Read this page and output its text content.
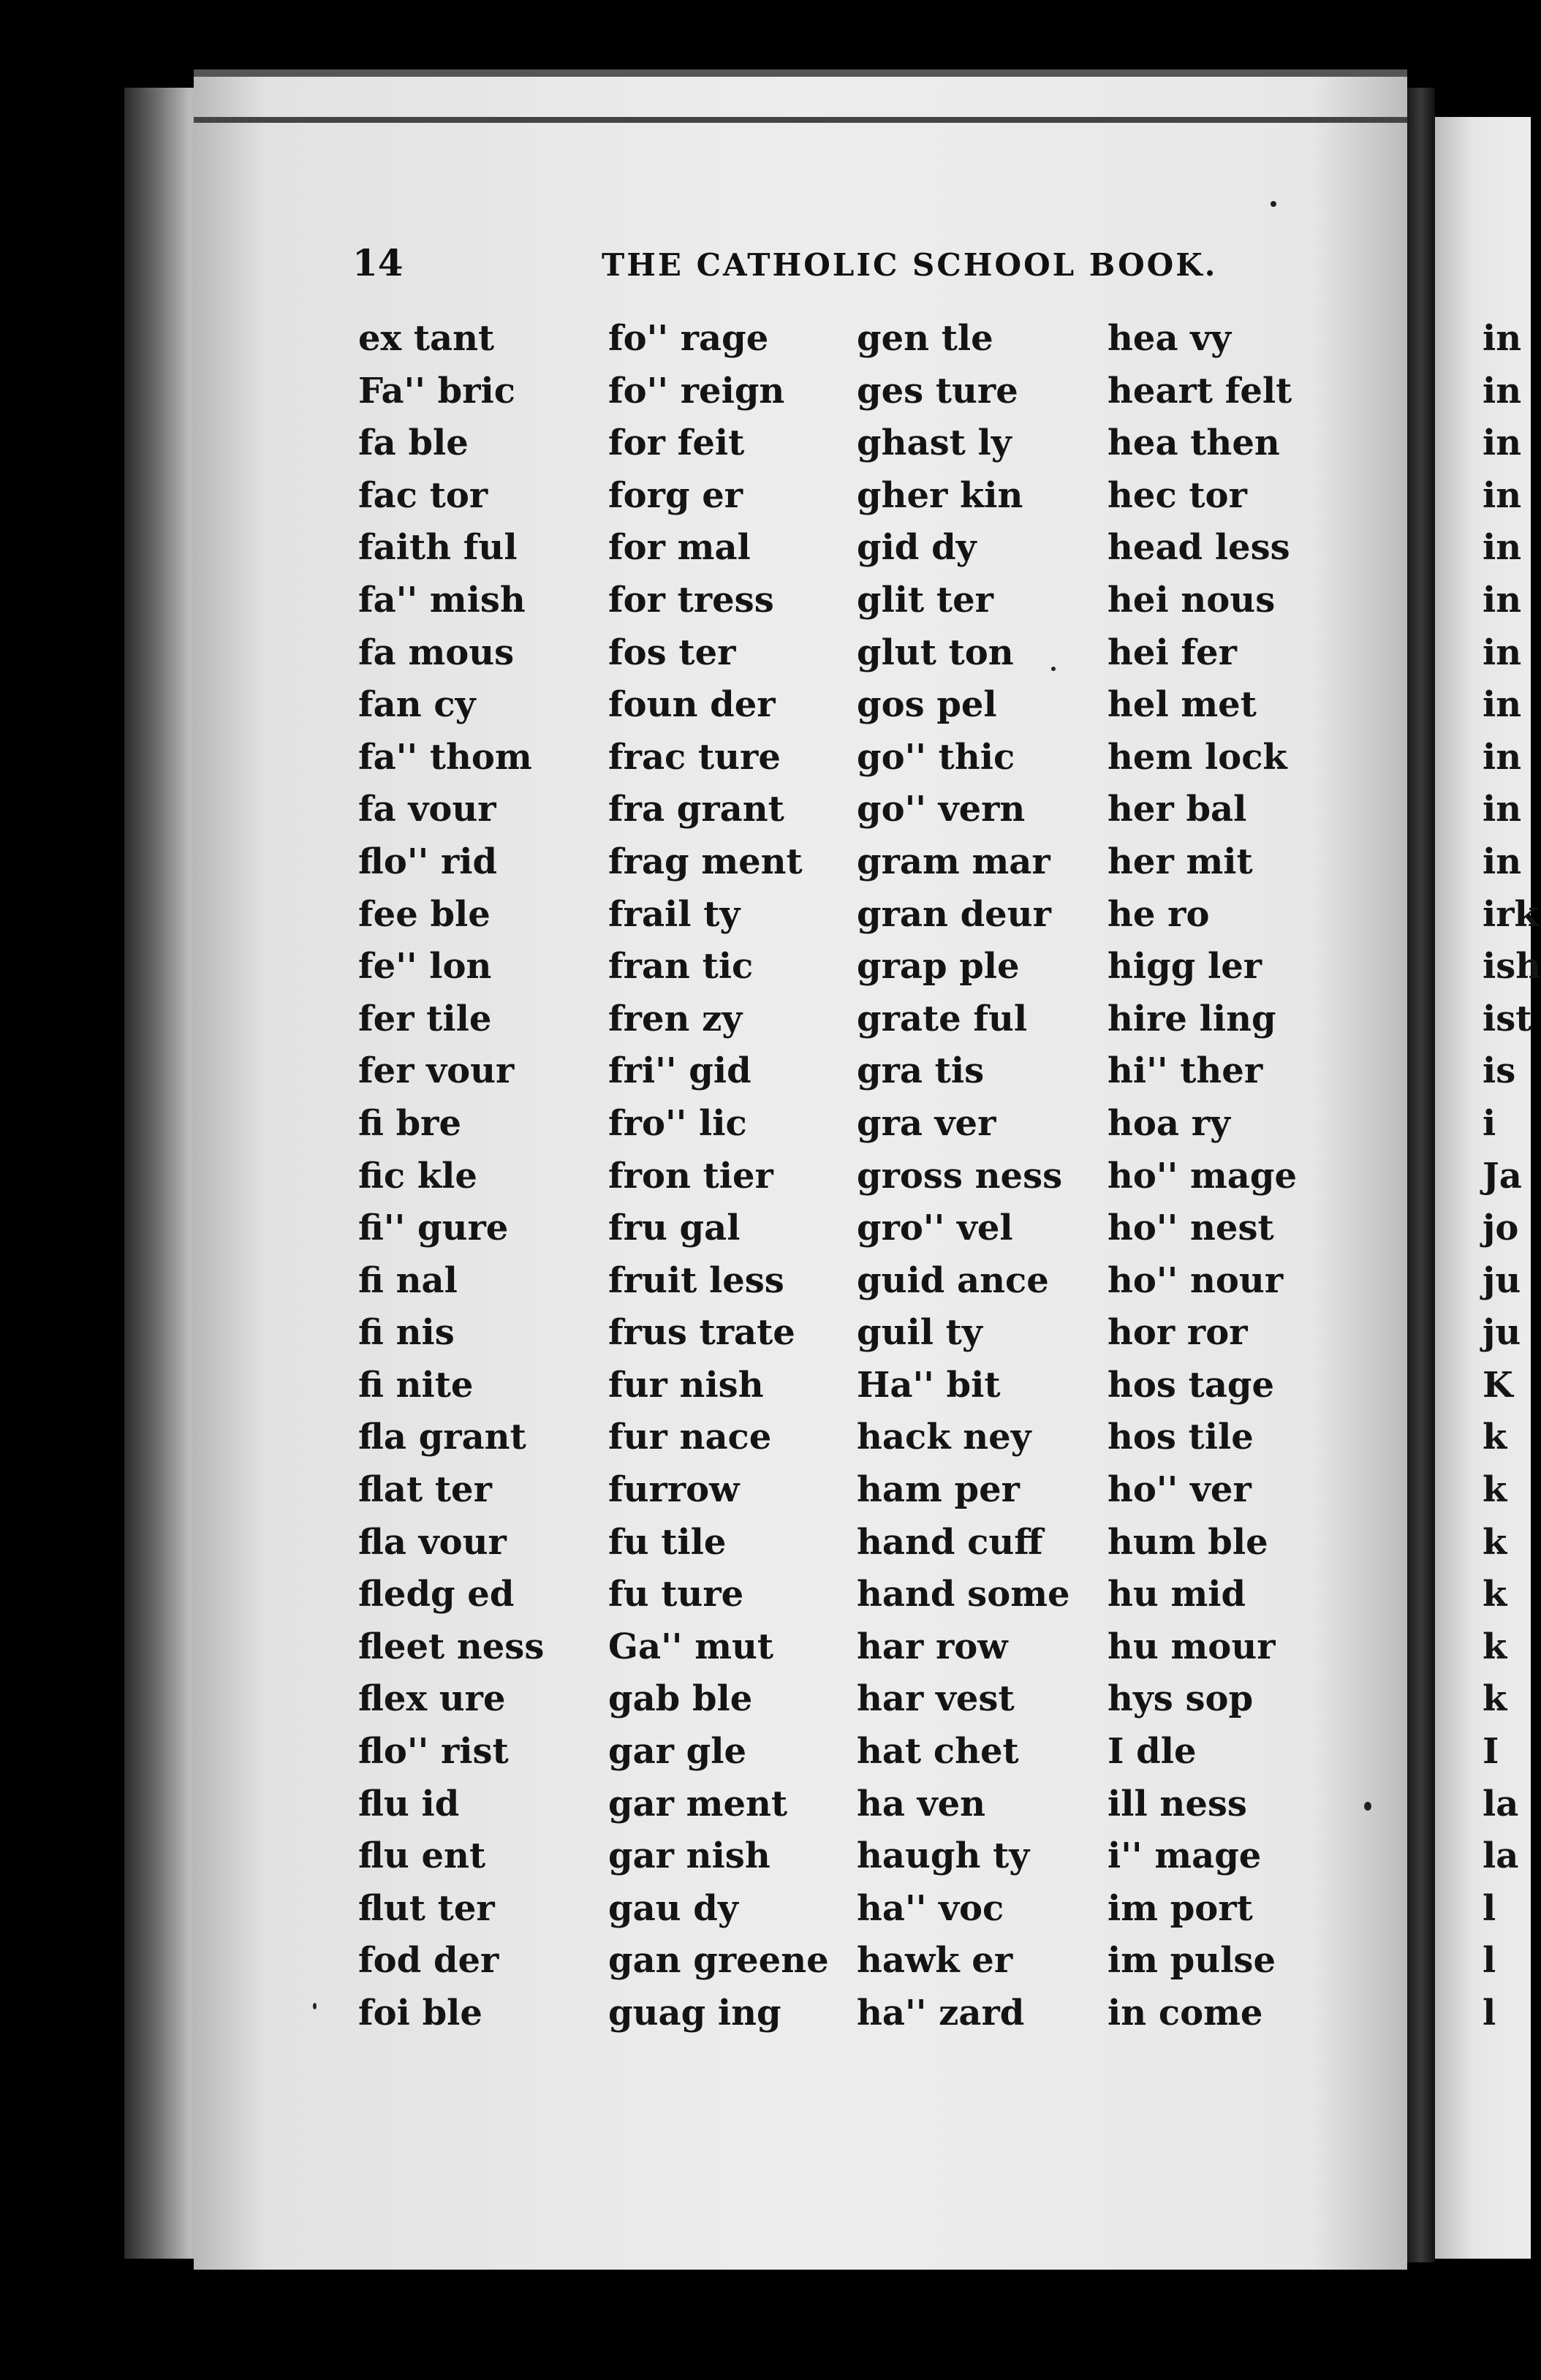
14	THE CATHOLIC SCHOOL BOOK.
ex tant
Fa'' bric
fa ble
fac tor
faith ful
fa'' mish
fa mous
fan cy
fa'' thom
fa vour
flo'' rid
fee ble
fe'' lon
fer tile
fer vour
fi bre
fic kle
fi'' gure
fi nal
fi nis
fi nite
fla grant
flat ter
fla vour
fledg ed
fleet ness
flex ure
flo'' rist
flu id
flu ent
flut ter
fod der
foi ble
fo'' rage
fo'' reign
for feit
forg er
for mal
for tress
fos ter
foun der
frac ture
fra grant
frag ment
frail ty
fran tic
fren zy
fri'' gid
fro'' lic
fron tier
fru gal
fruit less
frus trate
fur nish
fur nace
furrow
fu tile
fu ture
Ga'' mut
gab ble
gar gle
gar ment
gar nish
gau dy
gan greene
guag ing
gen tle
ges ture
ghast ly
gher kin
gid dy
glit ter
glut ton
gos pel
go'' thic
go'' vern
gram mar
gran deur
grap ple
grate ful
gra tis
gra ver
gross ness
gro'' vel
guid ance
guil ty
Ha'' bit
hack ney
ham per
hand cuff
hand some
har row
har vest
hat chet
ha ven
haugh ty
ha'' voc
hawk er
ha'' zard
hea vy
heart felt
hea then
hec tor
head less
hei nous
hei fer
hel met
hem lock
her bal
her mit
he ro
higg ler
hire ling
hi'' ther
hoa ry
ho'' mage
ho'' nest
ho'' nour
hor ror
hos tage
hos tile
ho'' ver
hum ble
hu mid
hu mour
hys sop
I dle
ill ness
i'' mage
im port
im pulse
in come
in
in
in
in
in
in
in
in
in
in
in
irk
ish
ist
is
i
Ja
jo
ju
ju
K
k
k
k
k
k
k
I
la
la
l
l
l
